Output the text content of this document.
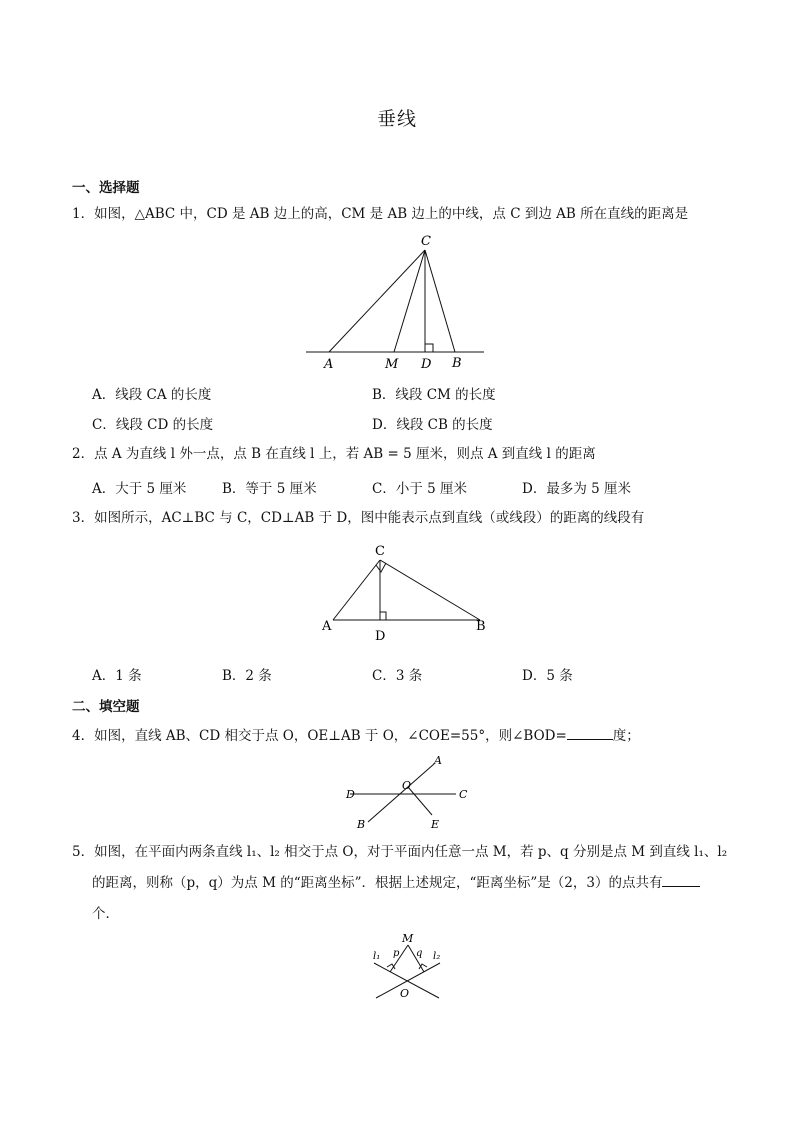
垂线
一、选择题
1．如图，△ABC 中，CD 是 AB 边上的高，CM 是 AB 边上的中线，点 C 到边 AB 所在直线的距离是
C
A	M D B
A．线段 CA 的长度	B．线段 CM 的长度
C．线段 CD 的长度	D．线段 CB 的长度
2．点 A 为直线 l 外一点，点 B 在直线 l 上，若 AB = 5 厘米，则点 A 到直线 l 的距离
A．大于 5 厘米	B．等于 5 厘米	C．小于 5 厘米	D．最多为 5 厘米
3．如图所示，AC⊥BC 与 C，CD⊥AB 于 D，图中能表示点到直线（或线段）的距离的线段有
C
A
D
B
A．1 条	B．2 条	C．3 条	D．5 条
二、填空题
4．如图，直线 AB、CD 相交于点 O，OE⊥AB 于 O，∠COE=55°，则∠BOD=	度；
A
O
D	C
B	E
5．如图，在平面内两条直线 l₁、l₂ 相交于点 O，对于平面内任意一点 M，若 p、q 分别是点 M 到直线 l₁、l₂
的距离，则称（p，q）为点 M 的“距离坐标”．根据上述规定，“距离坐标”是（2，3）的点共有
个．
M
l₁ p q l₂
O
